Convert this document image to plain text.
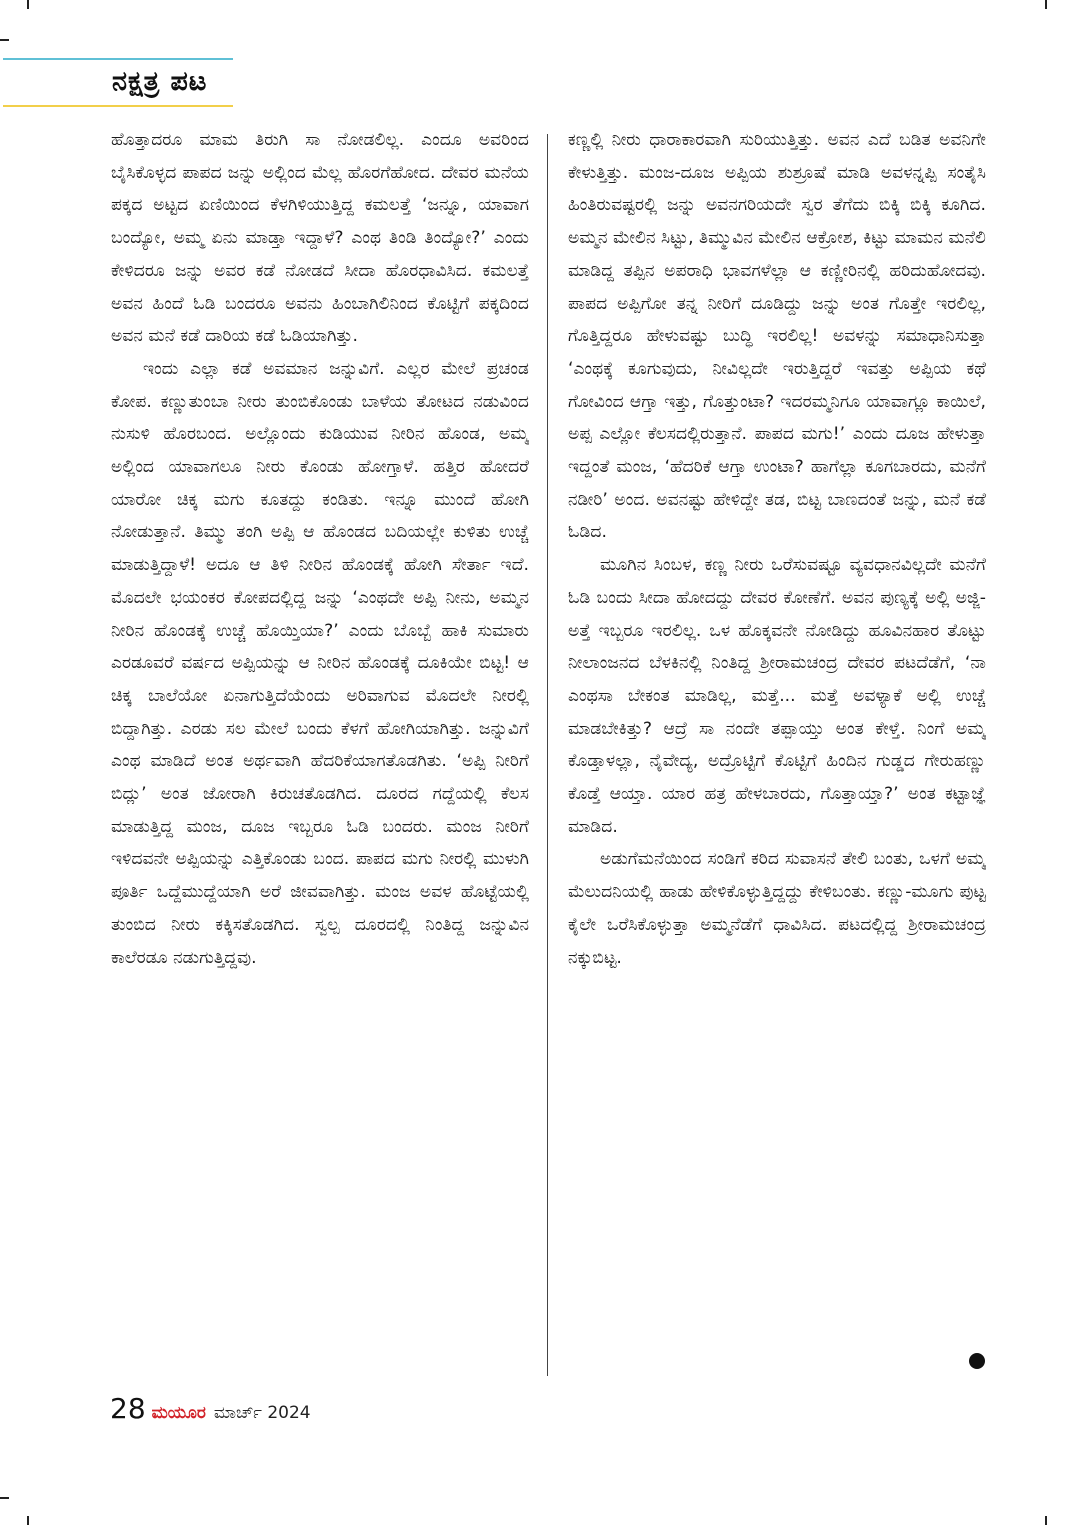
ನಕ್ಷತ್ರ ಪಟ

ಹೊತ್ತಾದರೂ ಮಾಮ ತಿರುಗಿ ಸಾ ನೋಡಲಿಲ್ಲ. ಎಂದೂ ಅವರಿಂದ ಬೈಸಿಕೊಳ್ಳದ ಪಾಪದ ಜನ್ನು ಅಲ್ಲಿಂದ ಮೆಲ್ಲ ಹೊರಗೆಹೋದ. ದೇವರ ಮನೆಯ ಪಕ್ಕದ ಅಟ್ಟದ ಏಣಿಯಿಂದ ಕೆಳಗಿಳಿಯುತ್ತಿದ್ದ ಕಮಲತ್ತೆ ‘ಜನ್ನೂ, ಯಾವಾಗ ಬಂದ್ಯೋ, ಅಮ್ಮ ಏನು ಮಾಡ್ತಾ ಇದ್ದಾಳೆ? ಎಂಥ ತಿಂಡಿ ತಿಂದ್ಯೋ?’ ಎಂದು ಕೇಳಿದರೂ ಜನ್ನು ಅವರ ಕಡೆ ನೋಡದೆ ಸೀದಾ ಹೊರಧಾವಿಸಿದ. ಕಮಲತ್ತೆ ಅವನ ಹಿಂದೆ ಓಡಿ ಬಂದರೂ ಅವನು ಹಿಂಬಾಗಿಲಿನಿಂದ ಕೊಟ್ಟಿಗೆ ಪಕ್ಕದಿಂದ ಅವನ ಮನೆ ಕಡೆ ದಾರಿಯ ಕಡೆ ಓಡಿಯಾಗಿತ್ತು.

ಇಂದು ಎಲ್ಲಾ ಕಡೆ ಅವಮಾನ ಜನ್ನುವಿಗೆ. ಎಲ್ಲರ ಮೇಲೆ ಪ್ರಚಂಡ ಕೋಪ. ಕಣ್ಣುತುಂಬಾ ನೀರು ತುಂಬಿಕೊಂಡು ಬಾಳೆಯ ತೋಟದ ನಡುವಿಂದ ನುಸುಳಿ ಹೊರಬಂದ. ಅಲ್ಲೊಂದು ಕುಡಿಯುವ ನೀರಿನ ಹೊಂಡ, ಅಮ್ಮ ಅಲ್ಲಿಂದ ಯಾವಾಗಲೂ ನೀರು ಕೊಂಡು ಹೋಗ್ತಾಳೆ. ಹತ್ತಿರ ಹೋದರೆ ಯಾರೋ ಚಿಕ್ಕ ಮಗು ಕೂತದ್ದು ಕಂಡಿತು. ಇನ್ನೂ ಮುಂದೆ ಹೋಗಿ ನೋಡುತ್ತಾನೆ. ತಿಮ್ಮು ತಂಗಿ ಅಪ್ಪಿ ಆ ಹೊಂಡದ ಬದಿಯಲ್ಲೇ ಕುಳಿತು ಉಚ್ಚೆ ಮಾಡುತ್ತಿದ್ದಾಳೆ! ಅದೂ ಆ ತಿಳಿ ನೀರಿನ ಹೊಂಡಕ್ಕೆ ಹೋಗಿ ಸೇರ್ತಾ ಇದೆ. ಮೊದಲೇ ಭಯಂಕರ ಕೋಪದಲ್ಲಿದ್ದ ಜನ್ನು ‘ಎಂಥದೇ ಅಪ್ಪಿ ನೀನು, ಅಮ್ಮನ ನೀರಿನ ಹೊಂಡಕ್ಕೆ ಉಚ್ಚೆ ಹೊಯ್ತಿಯಾ?’ ಎಂದು ಬೊಬ್ಬೆ ಹಾಕಿ ಸುಮಾರು ಎರಡೂವರೆ ವರ್ಷದ ಅಪ್ಪಿಯನ್ನು ಆ ನೀರಿನ ಹೊಂಡಕ್ಕೆ ದೂಕಿಯೇ ಬಿಟ್ಟ! ಆ ಚಿಕ್ಕ ಬಾಲೆಯೋ ಏನಾಗುತ್ತಿದೆಯೆಂದು ಅರಿವಾಗುವ ಮೊದಲೇ ನೀರಲ್ಲಿ ಬಿದ್ದಾಗಿತ್ತು. ಎರಡು ಸಲ ಮೇಲೆ ಬಂದು ಕೆಳಗೆ ಹೋಗಿಯಾಗಿತ್ತು. ಜನ್ನುವಿಗೆ ಎಂಥ ಮಾಡಿದೆ ಅಂತ ಅರ್ಥವಾಗಿ ಹೆದರಿಕೆಯಾಗತೊಡಗಿತು. ‘ಅಪ್ಪಿ ನೀರಿಗೆ ಬಿದ್ಲು’ ಅಂತ ಜೋರಾಗಿ ಕಿರುಚತೊಡಗಿದ. ದೂರದ ಗದ್ದೆಯಲ್ಲಿ ಕೆಲಸ ಮಾಡುತ್ತಿದ್ದ ಮಂಜ, ದೂಜ ಇಬ್ಬರೂ ಓಡಿ ಬಂದರು. ಮಂಜ ನೀರಿಗೆ ಇಳಿದವನೇ ಅಪ್ಪಿಯನ್ನು ಎತ್ತಿಕೊಂಡು ಬಂದ. ಪಾಪದ ಮಗು ನೀರಲ್ಲಿ ಮುಳುಗಿ ಪೂರ್ತಿ ಒದ್ದೆಮುದ್ದೆಯಾಗಿ ಅರೆ ಜೀವವಾಗಿತ್ತು. ಮಂಜ ಅವಳ ಹೊಟ್ಟೆಯಲ್ಲಿ ತುಂಬಿದ ನೀರು ಕಕ್ಕಿಸತೊಡಗಿದ. ಸ್ವಲ್ಪ ದೂರದಲ್ಲಿ ನಿಂತಿದ್ದ ಜನ್ನುವಿನ ಕಾಲೆರಡೂ ನಡುಗುತ್ತಿದ್ದವು.

ಕಣ್ಣಲ್ಲಿ ನೀರು ಧಾರಾಕಾರವಾಗಿ ಸುರಿಯುತ್ತಿತ್ತು. ಅವನ ಎದೆ ಬಡಿತ ಅವನಿಗೇ ಕೇಳುತ್ತಿತ್ತು. ಮಂಜ-ದೂಜ ಅಪ್ಪಿಯ ಶುಶ್ರೂಷೆ ಮಾಡಿ ಅವಳನ್ನಪ್ಪಿ ಸಂತೈಸಿ ಹಿಂತಿರುವಷ್ಟರಲ್ಲಿ ಜನ್ನು ಅವನಗರಿಯದೇ ಸ್ವರ ತೆಗೆದು ಬಿಕ್ಕಿ ಬಿಕ್ಕಿ ಕೂಗಿದ. ಅಮ್ಮನ ಮೇಲಿನ ಸಿಟ್ಟು, ತಿಮ್ಮುವಿನ ಮೇಲಿನ ಆಕ್ರೋಶ, ಕಿಟ್ಟು ಮಾಮನ ಮನೆಲಿ ಮಾಡಿದ್ದ ತಪ್ಪಿನ ಅಪರಾಧಿ ಭಾವಗಳೆಲ್ಲಾ ಆ ಕಣ್ಣೀರಿನಲ್ಲಿ ಹರಿದುಹೋದವು. ಪಾಪದ ಅಪ್ಪಿಗೋ ತನ್ನ ನೀರಿಗೆ ದೂಡಿದ್ದು ಜನ್ನು ಅಂತ ಗೊತ್ತೇ ಇರಲಿಲ್ಲ, ಗೊತ್ತಿದ್ದರೂ ಹೇಳುವಷ್ಟು ಬುದ್ಧಿ ಇರಲಿಲ್ಲ! ಅವಳನ್ನು ಸಮಾಧಾನಿಸುತ್ತಾ ‘ಎಂಥಕ್ಕೆ ಕೂಗುವುದು, ನೀವಿಲ್ಲದೇ ಇರುತ್ತಿದ್ದರೆ ಇವತ್ತು ಅಪ್ಪಿಯ ಕಥೆ ಗೋವಿಂದ ಆಗ್ತಾ ಇತ್ತು, ಗೊತ್ತುಂಟಾ? ಇದರಮ್ಮನಿಗೂ ಯಾವಾಗ್ಲೂ ಕಾಯಿಲೆ, ಅಪ್ಪ ಎಲ್ಲೋ ಕೆಲಸದಲ್ಲಿರುತ್ತಾನೆ. ಪಾಪದ ಮಗು!’ ಎಂದು ದೂಜ ಹೇಳುತ್ತಾ ಇದ್ದಂತೆ ಮಂಜ, ‘ಹೆದರಿಕೆ ಆಗ್ತಾ ಉಂಟಾ? ಹಾಗೆಲ್ಲಾ ಕೂಗಬಾರದು, ಮನೆಗೆ ನಡೀರಿ’ ಅಂದ. ಅವನಷ್ಟು ಹೇಳಿದ್ದೇ ತಡ, ಬಿಟ್ಟ ಬಾಣದಂತೆ ಜನ್ನು, ಮನೆ ಕಡೆ ಓಡಿದ.

ಮೂಗಿನ ಸಿಂಬಳ, ಕಣ್ಣ ನೀರು ಒರೆಸುವಷ್ಟೂ ವ್ಯವಧಾನವಿಲ್ಲದೇ ಮನೆಗೆ ಓಡಿ ಬಂದು ಸೀದಾ ಹೋದದ್ದು ದೇವರ ಕೋಣೆಗೆ. ಅವನ ಪುಣ್ಯಕ್ಕೆ ಅಲ್ಲಿ ಅಜ್ಜಿ-ಅತ್ತೆ ಇಬ್ಬರೂ ಇರಲಿಲ್ಲ. ಒಳ ಹೊಕ್ಕವನೇ ನೋಡಿದ್ದು ಹೂವಿನಹಾರ ತೊಟ್ಟು ನೀಲಾಂಜನದ ಬೆಳಕಿನಲ್ಲಿ ನಿಂತಿದ್ದ ಶ್ರೀರಾಮಚಂದ್ರ ದೇವರ ಪಟದೆಡೆಗೆ, ‘ನಾ ಎಂಥಸಾ ಬೇಕಂತ ಮಾಡಿಲ್ಲ, ಮತ್ತೆ... ಮತ್ತೆ ಅವಳ್ಯಾಕೆ ಅಲ್ಲಿ ಉಚ್ಚೆ ಮಾಡಬೇಕಿತ್ತು? ಆದ್ರೆ ಸಾ ನಂದೇ ತಪ್ಪಾಯ್ತು ಅಂತ ಕೇಳ್ತೆ. ನಿಂಗೆ ಅಮ್ಮ ಕೊಡ್ತಾಳಲ್ಲಾ, ನೈವೇದ್ಯ, ಅದ್ರೊಟ್ಟಿಗೆ ಕೊಟ್ಟಿಗೆ ಹಿಂದಿನ ಗುಡ್ಡದ ಗೇರುಹಣ್ಣು ಕೊಡ್ತೆ ಆಯ್ತಾ. ಯಾರ ಹತ್ರ ಹೇಳಬಾರದು, ಗೊತ್ತಾಯ್ತಾ?’ ಅಂತ ಕಟ್ಟಾಜ್ಞೆ ಮಾಡಿದ.

ಅಡುಗೆಮನೆಯಿಂದ ಸಂಡಿಗೆ ಕರಿದ ಸುವಾಸನೆ ತೇಲಿ ಬಂತು, ಒಳಗೆ ಅಮ್ಮ ಮೆಲುದನಿಯಲ್ಲಿ ಹಾಡು ಹೇಳಿಕೊಳ್ಳುತ್ತಿದ್ದದ್ದು ಕೇಳಿಬಂತು. ಕಣ್ಣು-ಮೂಗು ಪುಟ್ಟ ಕೈಲೇ ಒರೆಸಿಕೊಳ್ಳುತ್ತಾ ಅಮ್ಮನೆಡೆಗೆ ಧಾವಿಸಿದ. ಪಟದಲ್ಲಿದ್ದ ಶ್ರೀರಾಮಚಂದ್ರ ನಕ್ಕುಬಿಟ್ಟ.

28 ಮಯೂರ ಮಾರ್ಚ್ 2024
